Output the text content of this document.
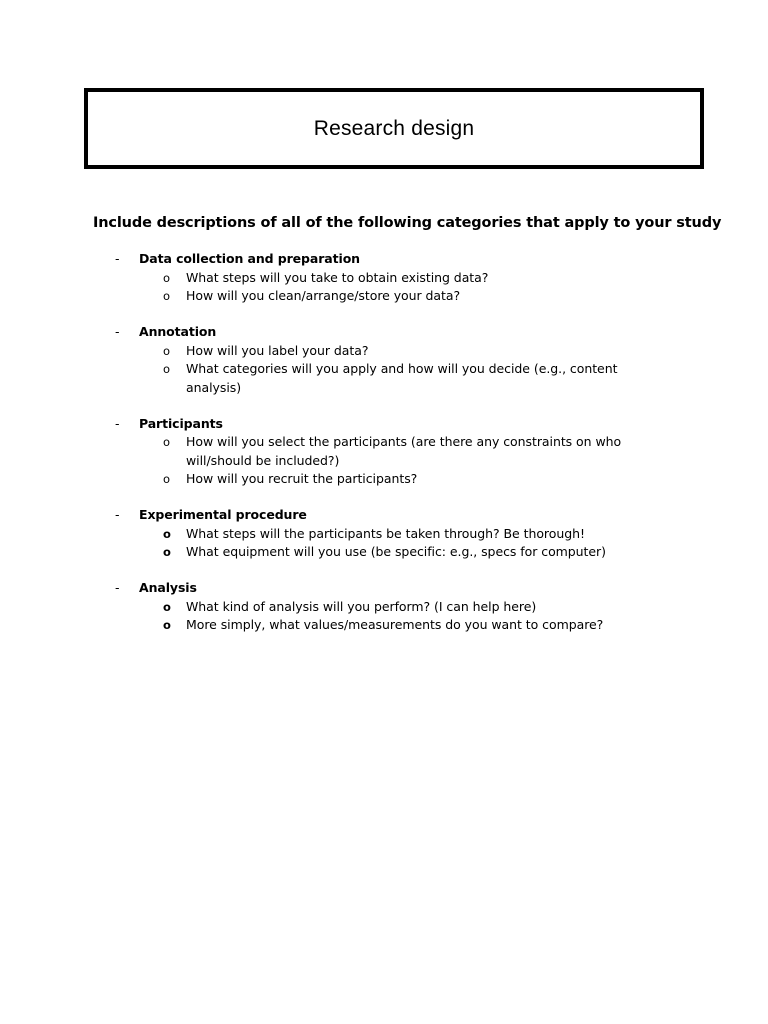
Research design
Include descriptions of all of the following categories that apply to your study
- Data collection and preparation
o What steps will you take to obtain existing data?
o How will you clean/arrange/store your data?
- Annotation
o How will you label your data?
o What categories will you apply and how will you decide (e.g., content analysis)
- Participants
o How will you select the participants (are there any constraints on who will/should be included?)
o How will you recruit the participants?
- Experimental procedure
o What steps will the participants be taken through? Be thorough!
o What equipment will you use (be specific: e.g., specs for computer)
- Analysis
o What kind of analysis will you perform? (I can help here)
o More simply, what values/measurements do you want to compare?
